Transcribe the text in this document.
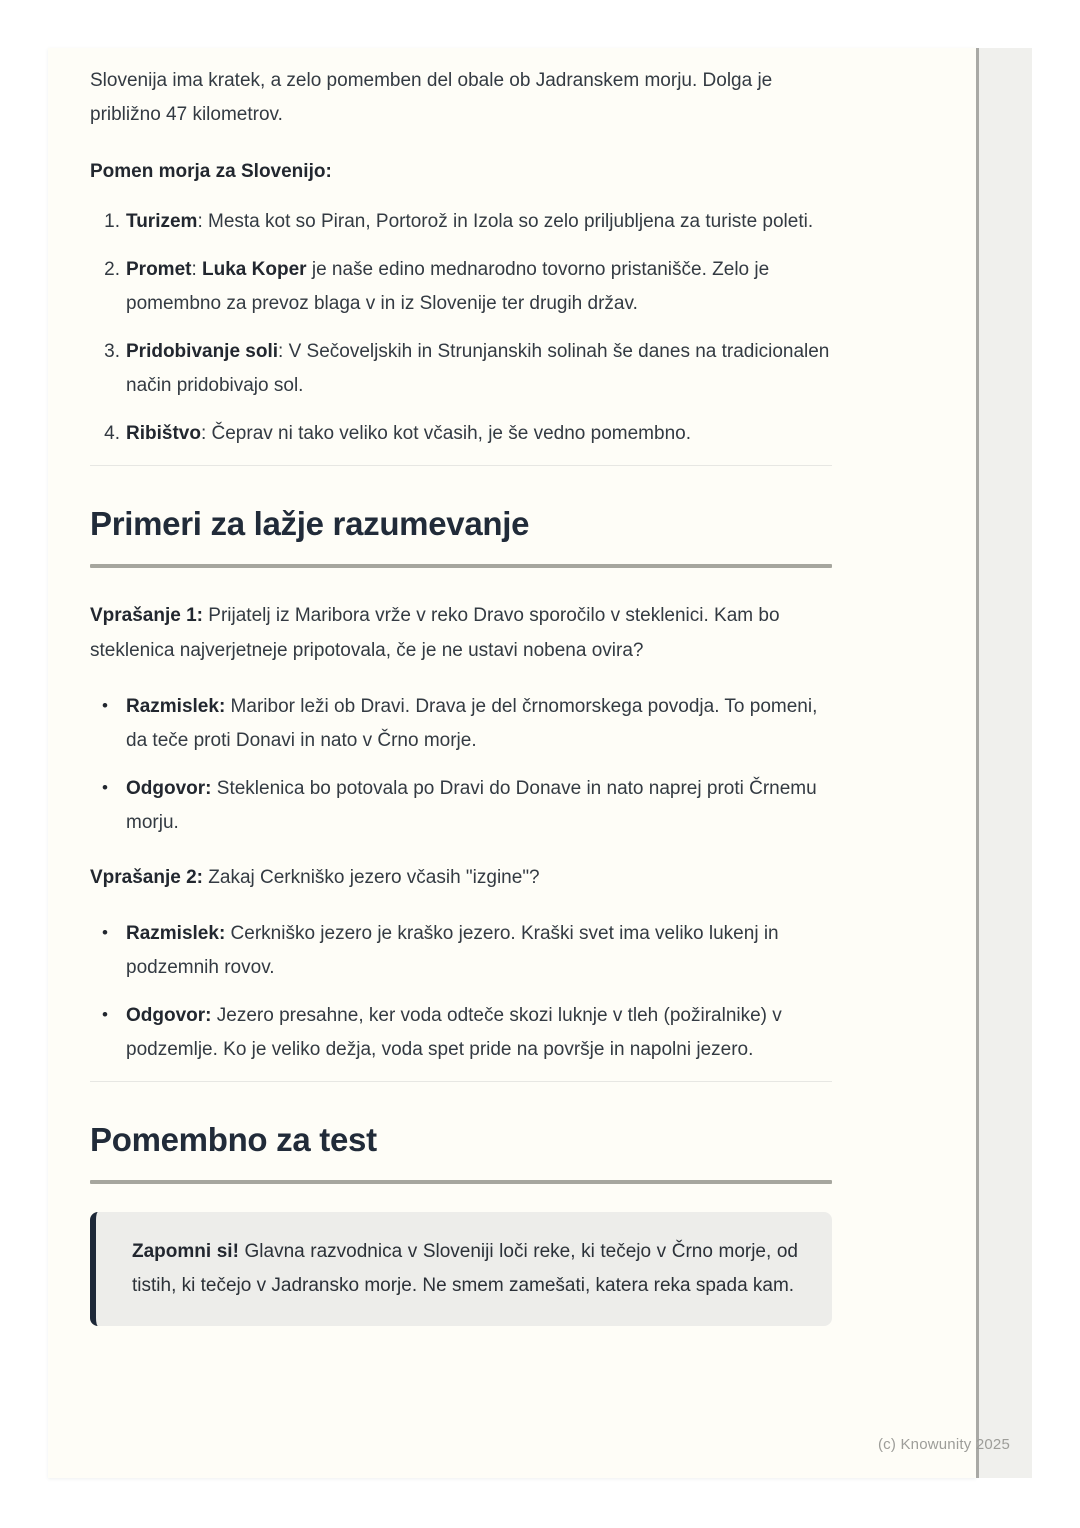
Slovenija ima kratek, a zelo pomemben del obale ob Jadranskem morju. Dolga je približno 47 kilometrov.

Pomen morja za Slovenijo:

1. Turizem: Mesta kot so Piran, Portorož in Izola so zelo priljubljena za turiste poleti.
2. Promet: Luka Koper je naše edino mednarodno tovorno pristanišče. Zelo je pomembno za prevoz blaga v in iz Slovenije ter drugih držav.
3. Pridobivanje soli: V Sečoveljskih in Strunjanskih solinah še danes na tradicionalen način pridobivajo sol.
4. Ribištvo: Čeprav ni tako veliko kot včasih, je še vedno pomembno.
Primeri za lažje razumevanje

Vprašanje 1: Prijatelj iz Maribora vrže v reko Dravo sporočilo v steklenici. Kam bo steklenica najverjetneje pripotovala, če je ne ustavi nobena ovira?

• Razmislek: Maribor leži ob Dravi. Drava je del črnomorskega povodja. To pomeni, da teče proti Donavi in nato v Črno morje.
• Odgovor: Steklenica bo potovala po Dravi do Donave in nato naprej proti Črnemu morju.

Vprašanje 2: Zakaj Cerkniško jezero včasih "izgine"?

• Razmislek: Cerkniško jezero je kraško jezero. Kraški svet ima veliko lukenj in podzemnih rovov.
• Odgovor: Jezero presahne, ker voda odteče skozi luknje v tleh (požiralnike) v podzemlje. Ko je veliko dežja, voda spet pride na površje in napolni jezero.
Pomembno za test
Zapomni si! Glavna razvodnica v Sloveniji loči reke, ki tečejo v Črno morje, od tistih, ki tečejo v Jadransko morje. Ne smem zamešati, katera reka spada kam.
(c) Knowunity 2025
